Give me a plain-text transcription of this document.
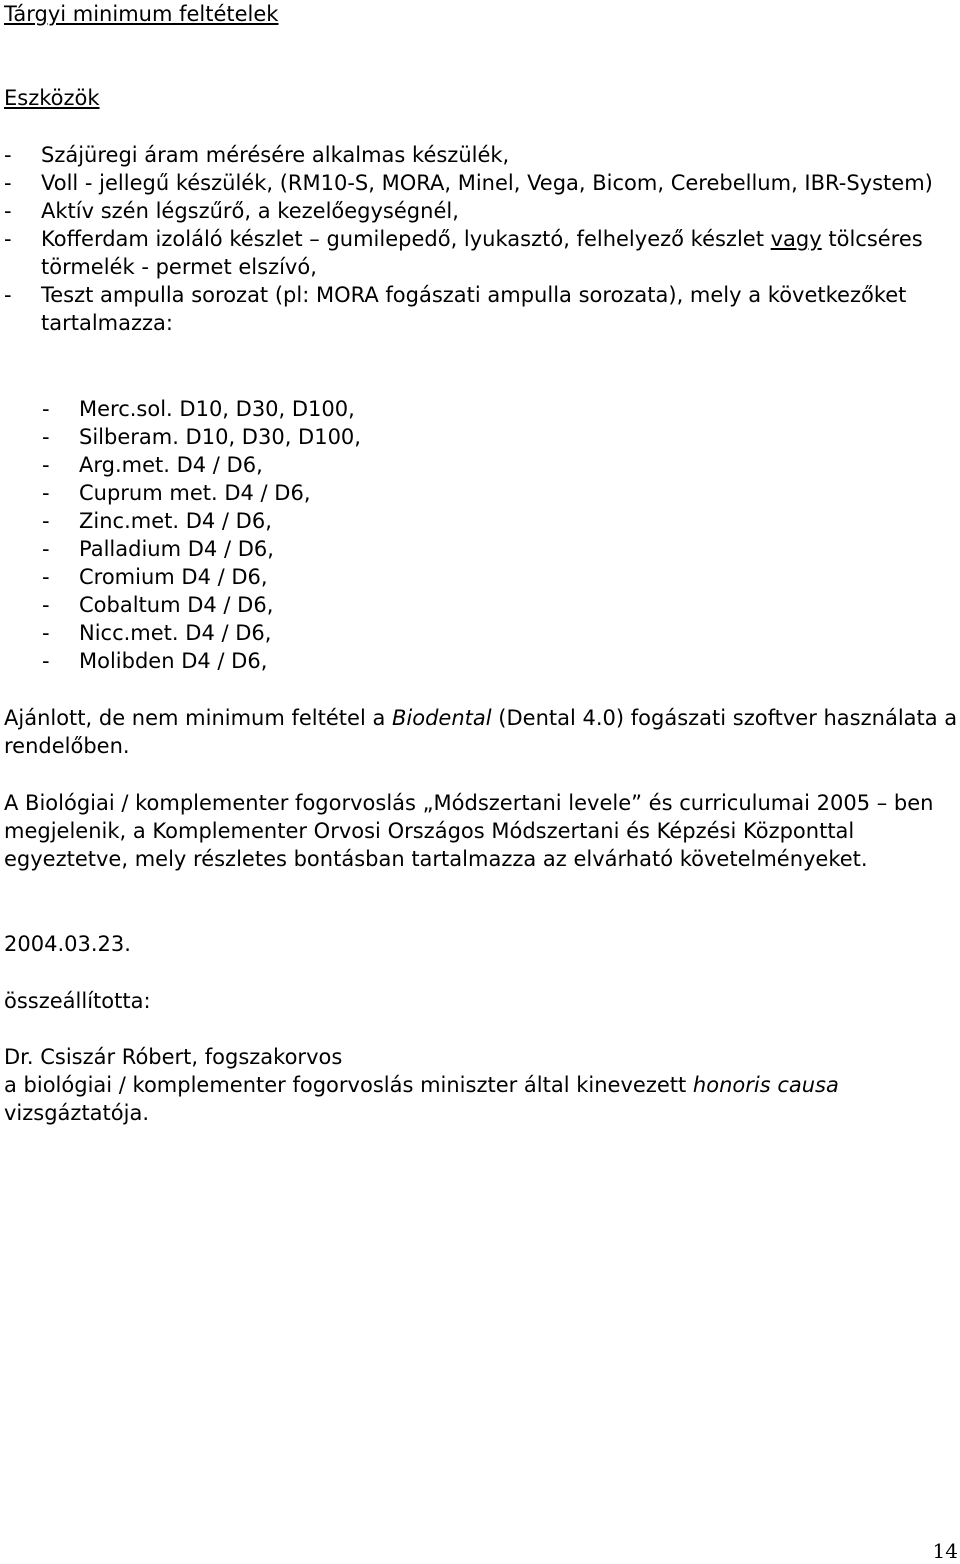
Tárgyi minimum feltételek
Eszközök
- Szájüregi áram mérésére alkalmas készülék,
- Voll - jellegű készülék, (RM10-S, MORA, Minel, Vega, Bicom, Cerebellum, IBR-System)
- Aktív szén légszűrő, a kezelőegységnél,
- Kofferdam izoláló készlet – gumilepedő, lyukasztó, felhelyező készlet vagy tölcséres törmelék - permet elszívó,
- Teszt ampulla sorozat (pl: MORA fogászati ampulla sorozata), mely a következőket tartalmazza:
- Merc.sol. D10, D30, D100,
- Silberam. D10, D30, D100,
- Arg.met. D4 / D6,
- Cuprum met. D4 / D6,
- Zinc.met. D4 / D6,
- Palladium D4 / D6,
- Cromium D4 / D6,
- Cobaltum D4 / D6,
- Nicc.met. D4 / D6,
- Molibden D4 / D6,

Ajánlott, de nem minimum feltétel a Biodental (Dental 4.0) fogászati szoftver használata a rendelőben.

A Biológiai / komplementer fogorvoslás „Módszertani levele” és curriculumai 2005 – ben megjelenik, a Komplementer Orvosi Országos Módszertani és Képzési Központtal egyeztetve, mely részletes bontásban tartalmazza az elvárható követelményeket.

2004.03.23.

összeállította:

Dr. Csiszár Róbert, fogszakorvos

a biológiai / komplementer fogorvoslás miniszter által kinevezett honoris causa vizsgáztatója.

14
